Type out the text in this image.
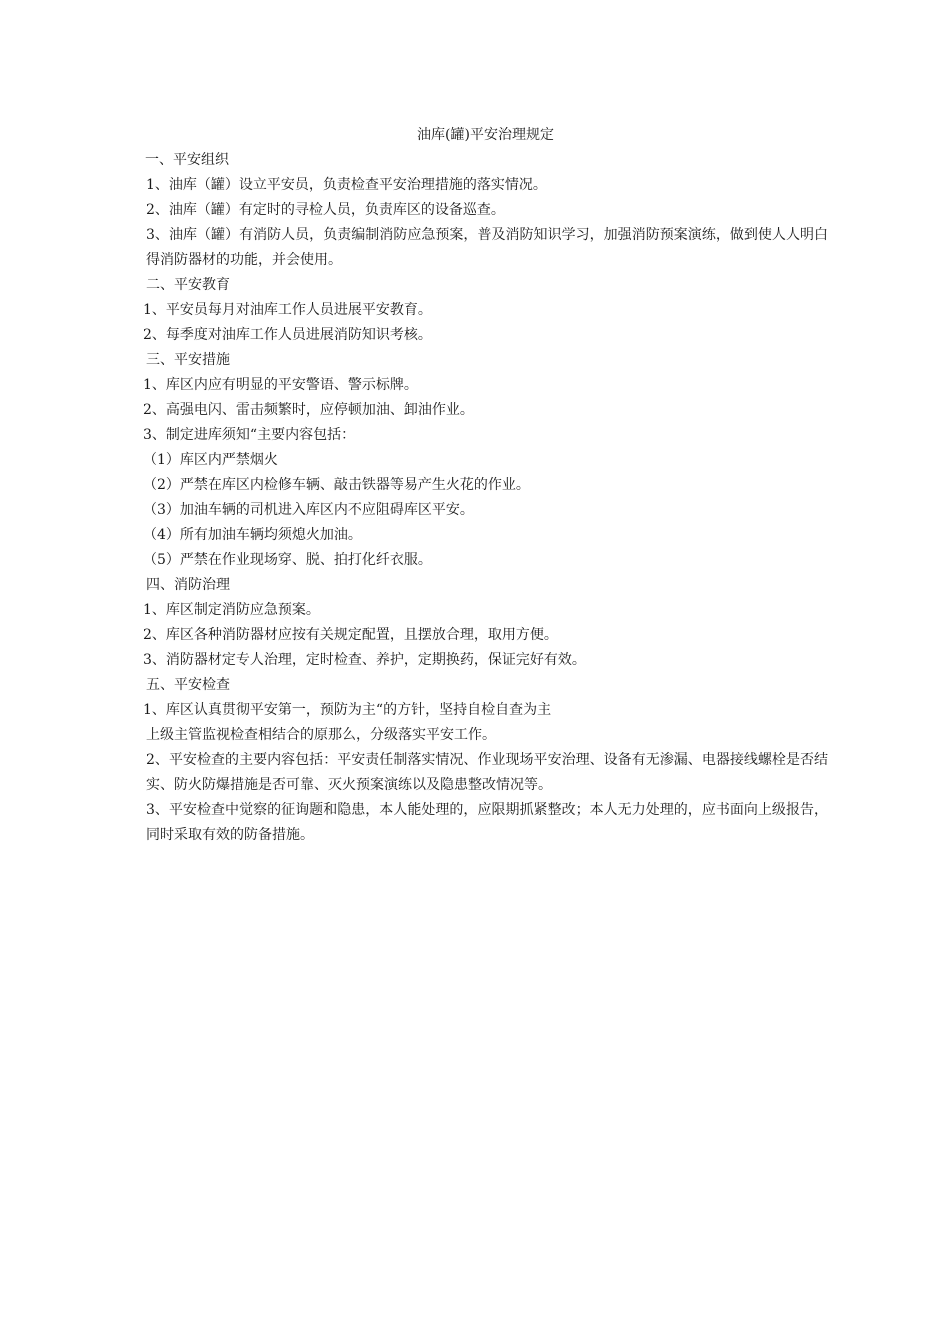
油库(罐)平安治理规定

一、平安组织

1、油库（罐）设立平安员，负责检查平安治理措施的落实情况。

2、油库（罐）有定时的寻检人员，负责库区的设备巡查。

3、油库（罐）有消防人员，负责编制消防应急预案，普及消防知识学习，加强消防预案演练，做到使人人明白得消防器材的功能，并会使用。

二、平安教育

1、平安员每月对油库工作人员进展平安教育。

2、每季度对油库工作人员进展消防知识考核。

三、平安措施

1、库区内应有明显的平安警语、警示标牌。

2、高强电闪、雷击频繁时，应停顿加油、卸油作业。

3、制定进库须知“主要内容包括：

（1）库区内严禁烟火

（2）严禁在库区内检修车辆、敲击铁器等易产生火花的作业。

（3）加油车辆的司机进入库区内不应阻碍库区平安。

（4）所有加油车辆均须熄火加油。

（5）严禁在作业现场穿、脱、拍打化纤衣服。

四、消防治理

1、库区制定消防应急预案。

2、库区各种消防器材应按有关规定配置，且摆放合理，取用方便。

3、消防器材定专人治理，定时检查、养护，定期换药，保证完好有效。

五、平安检查

1、库区认真贯彻平安第一，预防为主“的方针，坚持自检自查为主

上级主管监视检查相结合的原那么，分级落实平安工作。

2、平安检查的主要内容包括：平安责任制落实情况、作业现场平安治理、设备有无渗漏、电器接线螺栓是否结实、防火防爆措施是否可靠、灭火预案演练以及隐患整改情况等。

3、平安检查中觉察的征询题和隐患，本人能处理的，应限期抓紧整改；本人无力处理的，应书面向上级报告，同时采取有效的防备措施。
